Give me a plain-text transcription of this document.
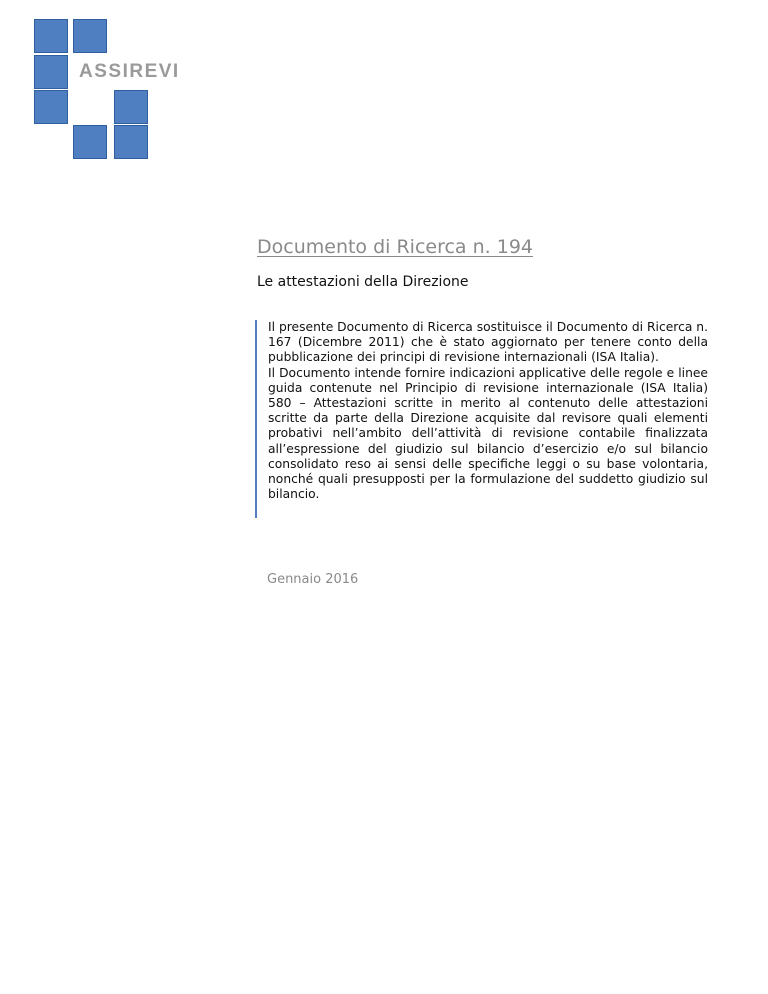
ASSIREVI
Documento di Ricerca n. 194
Le attestazioni della Direzione

Il presente Documento di Ricerca sostituisce il Documento di Ricerca n. 167 (Dicembre 2011) che è stato aggiornato per tenere conto della pubblicazione dei principi di revisione internazionali (ISA Italia).

Il Documento intende fornire indicazioni applicative delle regole e linee guida contenute nel Principio di revisione internazionale (ISA Italia) 580 – Attestazioni scritte in merito al contenuto delle attestazioni scritte da parte della Direzione acquisite dal revisore quali elementi probativi nell’ambito dell’attività di revisione contabile finalizzata all’espressione del giudizio sul bilancio d’esercizio e/o sul bilancio consolidato reso ai sensi delle specifiche leggi o su base volontaria, nonché quali presupposti per la formulazione del suddetto giudizio sul bilancio.

Gennaio 2016
